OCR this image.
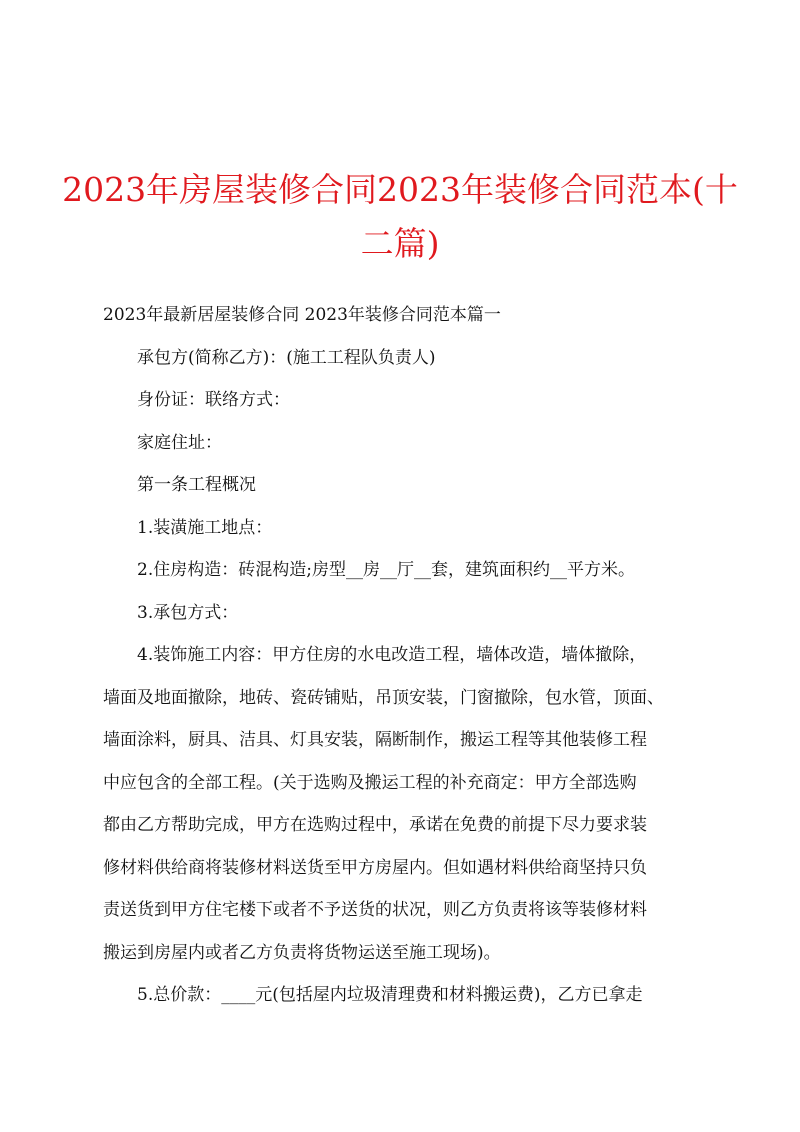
2023年房屋装修合同2023年装修合同范本(十
二篇)

2023年最新居屋装修合同 2023年装修合同范本篇一

承包方(简称乙方)：(施工工程队负责人)

身份证：联络方式：

家庭住址：

第一条工程概况

1.装潢施工地点：

2.住房构造：砖混构造;房型__房__厅__套，建筑面积约__平方米。

3.承包方式：

4.装饰施工内容：甲方住房的水电改造工程，墙体改造，墙体撤除，
墙面及地面撤除，地砖、瓷砖铺贴，吊顶安装，门窗撤除，包水管，顶面、
墙面涂料，厨具、洁具、灯具安装，隔断制作，搬运工程等其他装修工程
中应包含的全部工程。(关于选购及搬运工程的补充商定：甲方全部选购
都由乙方帮助完成，甲方在选购过程中，承诺在免费的前提下尽力要求装
修材料供给商将装修材料送货至甲方房屋内。但如遇材料供给商坚持只负
责送货到甲方住宅楼下或者不予送货的状况，则乙方负责将该等装修材料
搬运到房屋内或者乙方负责将货物运送至施工现场)。

5.总价款：____元(包括屋内垃圾清理费和材料搬运费)，乙方已拿走
